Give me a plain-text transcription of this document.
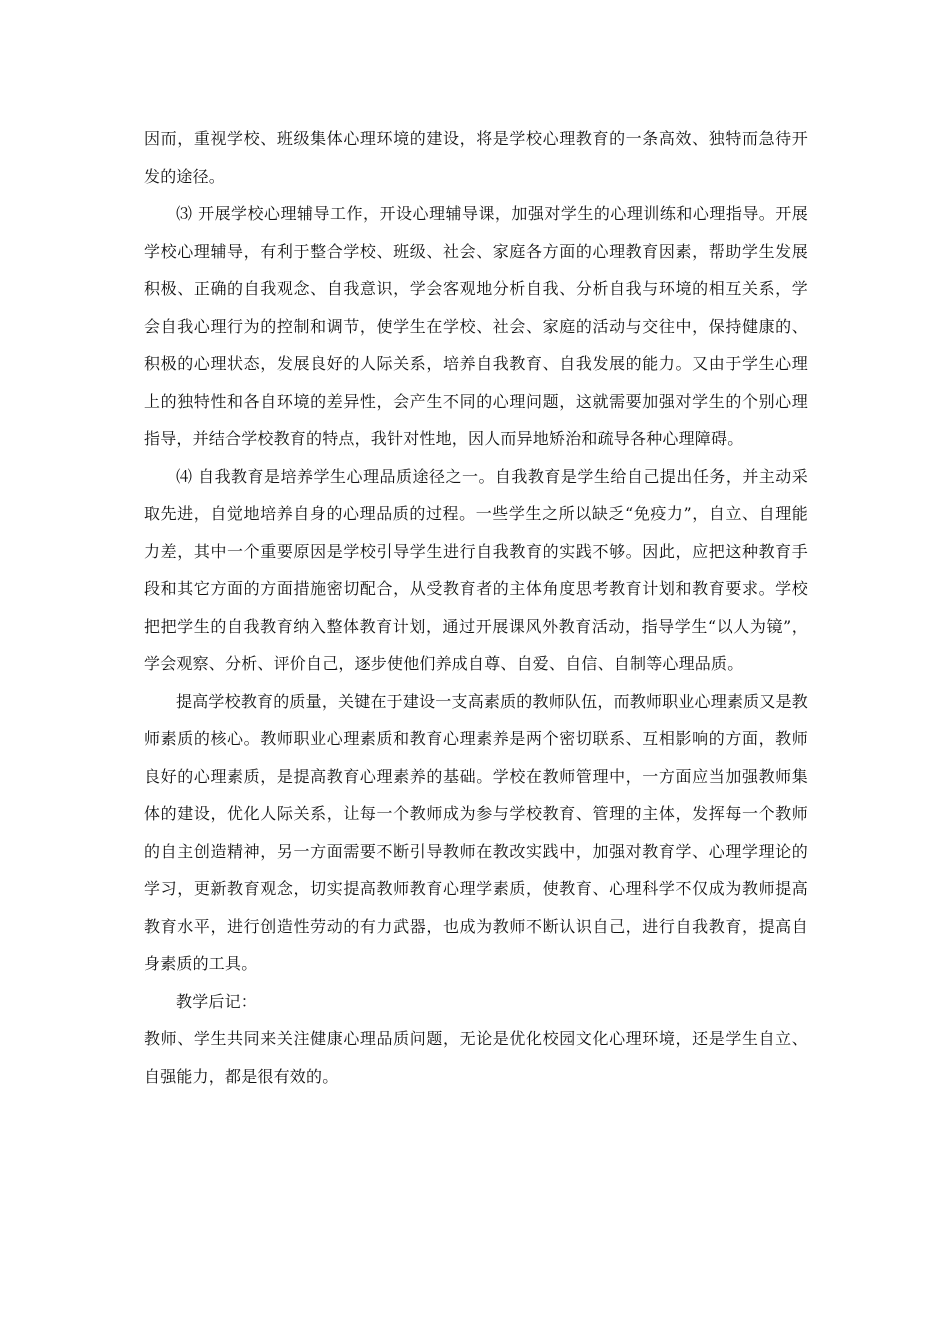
因而，重视学校、班级集体心理环境的建设，将是学校心理教育的一条高效、独特而急待开发的途径。

⑶ 开展学校心理辅导工作，开设心理辅导课，加强对学生的心理训练和心理指导。开展学校心理辅导，有利于整合学校、班级、社会、家庭各方面的心理教育因素，帮助学生发展积极、正确的自我观念、自我意识，学会客观地分析自我、分析自我与环境的相互关系，学会自我心理行为的控制和调节，使学生在学校、社会、家庭的活动与交往中，保持健康的、积极的心理状态，发展良好的人际关系，培养自我教育、自我发展的能力。又由于学生心理上的独特性和各自环境的差异性，会产生不同的心理问题，这就需要加强对学生的个别心理指导，并结合学校教育的特点，我针对性地，因人而异地矫治和疏导各种心理障碍。

⑷ 自我教育是培养学生心理品质途径之一。自我教育是学生给自己提出任务，并主动采取先进，自觉地培养自身的心理品质的过程。一些学生之所以缺乏“免疫力”，自立、自理能力差，其中一个重要原因是学校引导学生进行自我教育的实践不够。因此，应把这种教育手段和其它方面的方面措施密切配合，从受教育者的主体角度思考教育计划和教育要求。学校把把学生的自我教育纳入整体教育计划，通过开展课风外教育活动，指导学生“以人为镜”，学会观察、分析、评价自己，逐步使他们养成自尊、自爱、自信、自制等心理品质。

提高学校教育的质量，关键在于建设一支高素质的教师队伍，而教师职业心理素质又是教师素质的核心。教师职业心理素质和教育心理素养是两个密切联系、互相影响的方面，教师良好的心理素质，是提高教育心理素养的基础。学校在教师管理中，一方面应当加强教师集体的建设，优化人际关系，让每一个教师成为参与学校教育、管理的主体，发挥每一个教师的自主创造精神，另一方面需要不断引导教师在教改实践中，加强对教育学、心理学理论的学习，更新教育观念，切实提高教师教育心理学素质，使教育、心理科学不仅成为教师提高教育水平，进行创造性劳动的有力武器，也成为教师不断认识自己，进行自我教育，提高自身素质的工具。

教学后记：

教师、学生共同来关注健康心理品质问题，无论是优化校园文化心理环境，还是学生自立、自强能力，都是很有效的。
